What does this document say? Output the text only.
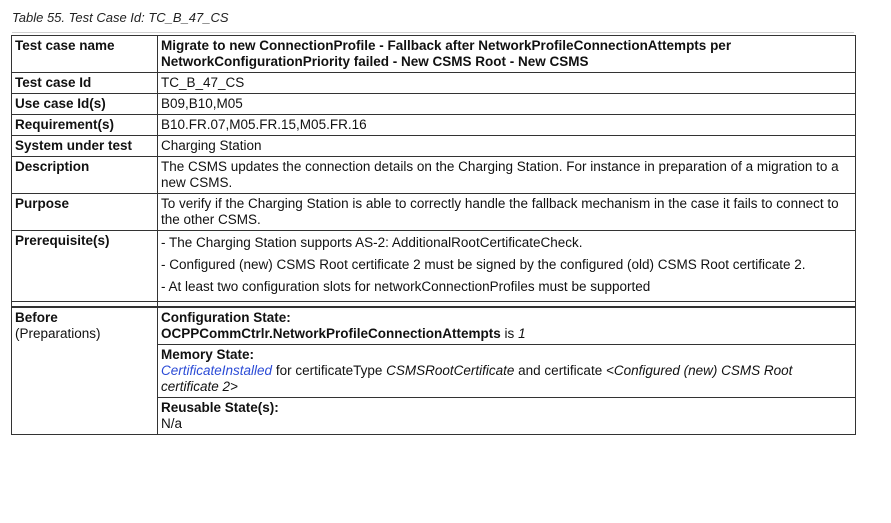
Table 55. Test Case Id: TC_B_47_CS
Test case name	Migrate to new ConnectionProfile - Fallback after NetworkProfileConnectionAttempts per NetworkConfigurationPriority failed - New CSMS Root - New CSMS
Test case Id	TC_B_47_CS
Use case Id(s)	B09,B10,M05
Requirement(s)	B10.FR.07,M05.FR.15,M05.FR.16
System under test	Charging Station
Description	The CSMS updates the connection details on the Charging Station. For instance in preparation of a migration to a new CSMS.
Purpose	To verify if the Charging Station is able to correctly handle the fallback mechanism in the case it fails to connect to the other CSMS.
Prerequisite(s)	- The Charging Station supports AS-2: AdditionalRootCertificateCheck.
- Configured (new) CSMS Root certificate 2 must be signed by the configured (old) CSMS Root certificate 2.
- At least two configuration slots for networkConnectionProfiles must be supported

Before
(Preparations)	Configuration State:
OCPPCommCtrlr.NetworkProfileConnectionAttempts is 1
	Memory State:
CertificateInstalled for certificateType CSMSRootCertificate and certificate <Configured (new) CSMS Root certificate 2>
	Reusable State(s):
N/a
